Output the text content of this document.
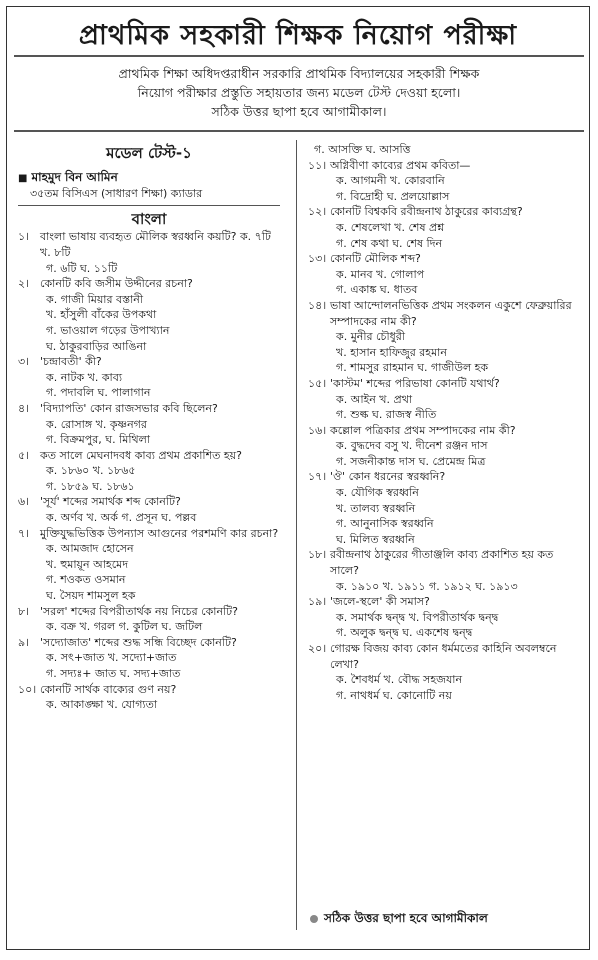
প্রাথমিক সহকারী শিক্ষক নিয়োগ পরীক্ষা
প্রাথমিক শিক্ষা অধিদপ্তরাধীন সরকারি প্রাথমিক বিদ্যালয়ের সহকারী শিক্ষক
নিয়োগ পরীক্ষার প্রস্তুতি সহায়তার জন্য মডেল টেস্ট দেওয়া হলো।
সঠিক উত্তর ছাপা হবে আগামীকাল।
মডেল টেস্ট-১
■ মাহমুদ বিন আমিন
৩৫তম বিসিএস (সাধারণ শিক্ষা) ক্যাডার
বাংলা
১। বাংলা ভাষায় ব্যবহৃত মৌলিক স্বরধ্বনি কয়টি? ক. ৭টি খ. ৮টি
গ. ৬টি ঘ. ১১টি
২। কোনটি কবি জসীম উদ্দীনের রচনা?
ক. গাজী মিয়ার বস্তানী
খ. হাঁসুলী বাঁকের উপকথা
গ. ভাওয়াল গড়ের উপাখ্যান
ঘ. ঠাকুরবাড়ির আঙিনা
৩। 'চন্দ্রাবতী' কী?
ক. নাটক খ. কাব্য
গ. পদাবলি ঘ. পালাগান
৪। 'বিদ্যাপতি' কোন রাজসভার কবি ছিলেন?
ক. রোসাঙ্গ খ. কৃষ্ণনগর
গ. বিক্রমপুর, ঘ. মিথিলা
৫। কত সালে মেঘনাদবধ কাব্য প্রথম প্রকাশিত হয়?
ক. ১৮৬০ খ. ১৮৬৫
গ. ১৮৫৯ ঘ. ১৮৬১
৬। 'সূর্য' শব্দের সমার্থক শব্দ কোনটি?
ক. অর্ণব খ. অর্ক গ. প্রসূন ঘ. পল্লব
৭। মুক্তিযুদ্ধভিত্তিক উপন্যাস আগুনের পরশমণি কার রচনা?
ক. আমজাদ হোসেন
খ. হুমায়ূন আহমেদ
গ. শওকত ওসমান
ঘ. সৈয়দ শামসুল হক
৮। 'সরল' শব্দের বিপরীতার্থক নয় নিচের কোনটি?
ক. বক্র খ. গরল গ. কুটিল ঘ. জটিল
৯। 'সদ্যোজাত' শব্দের শুদ্ধ সন্ধি বিচ্ছেদ কোনটি?
ক. সৎ+জাত খ. সদ্যো+জাত
গ. সদ্যঃ+ জাত ঘ. সদ্য+জাত
১০। কোনটি সার্থক বাক্যের গুণ নয়?
ক. আকাঙ্ক্ষা খ. যোগ্যতা
গ. আসক্তি ঘ. আসত্তি
১১। অগ্নিবীণা কাব্যের প্রথম কবিতা—
ক. আগমনী খ. কোরবানি
গ. বিদ্রোহী ঘ. প্রলয়োল্লাস
১২। কোনটি বিশ্বকবি রবীন্দ্রনাথ ঠাকুরের কাব্যগ্রন্থ?
ক. শেষলেখা খ. শেষ প্রশ্ন
গ. শেষ কথা ঘ. শেষ দিন
১৩। কোনটি মৌলিক শব্দ?
ক. মানব খ. গোলাপ
গ. একাঙ্ক ঘ. ধাতব
১৪। ভাষা আন্দোলনভিত্তিক প্রথম সংকলন একুশে ফেব্রুয়ারির সম্পাদকের নাম কী?
ক. মুনীর চৌধুরী
খ. হাসান হাফিজুর রহমান
গ. শামসুর রাহমান ঘ. গাজীউল হক
১৫। 'কাস্টম' শব্দের পরিভাষা কোনটি যথার্থ?
ক. আইন খ. প্রথা
গ. শুল্ক ঘ. রাজস্ব নীতি
১৬। কল্লোল পত্রিকার প্রথম সম্পাদকের নাম কী?
ক. বুদ্ধদেব বসু খ. দীনেশ রঞ্জন দাস
গ. সজনীকান্ত দাস ঘ. প্রেমেন্দ্র মিত্র
১৭। 'ঔ' কোন ধরনের স্বরধ্বনি?
ক. যৌগিক স্বরধ্বনি
খ. তালব্য স্বরধ্বনি
গ. আনুনাসিক স্বরধ্বনি
ঘ. মিলিত স্বরধ্বনি
১৮। রবীন্দ্রনাথ ঠাকুরের গীতাঞ্জলি কাব্য প্রকাশিত হয় কত সালে?
ক. ১৯১০ খ. ১৯১১ গ. ১৯১২ ঘ. ১৯১৩
১৯। 'জলে-স্থলে' কী সমাস?
ক. সমার্থক দ্বন্দ্ব খ. বিপরীতার্থক দ্বন্দ্ব
গ. অলুক দ্বন্দ্ব ঘ. একশেষ দ্বন্দ্ব
২০। গোরক্ষ বিজয় কাব্য কোন ধর্মমতের কাহিনি অবলম্বনে লেখা?
ক. শৈবধর্ম খ. বৌদ্ধ সহজযান
গ. নাথধর্ম ঘ. কোনোটি নয়
সঠিক উত্তর ছাপা হবে আগামীকাল
